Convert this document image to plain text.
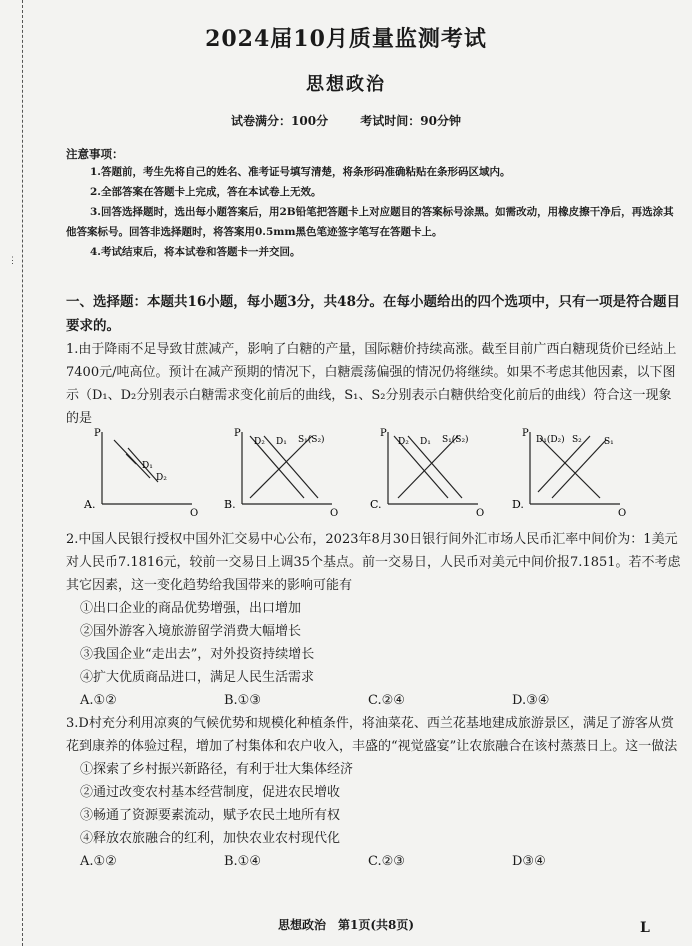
⋮
2024届10月质量监测考试
思想政治
试卷满分：100分	考试时间：90分钟
注意事项：

1.答题前，考生先将自己的姓名、准考证号填写清楚，将条形码准确粘贴在条形码区域内。

2.全部答案在答题卡上完成，答在本试卷上无效。

3.回答选择题时，选出每小题答案后，用2B铅笔把答题卡上对应题目的答案标号涂黑。如需改动，用橡皮擦干净后，再选涂其他答案标号。回答非选择题时，将答案用0.5mm黑色笔迹签字笔写在答题卡上。

4.考试结束后，将本试卷和答题卡一并交回。

一、选择题：本题共16小题，每小题3分，共48分。在每小题给出的四个选项中，只有一项是符合题目要求的。

1.由于降雨不足导致甘蔗减产，影响了白糖的产量，国际糖价持续高涨。截至目前广西白糖现货价已经站上7400元/吨高位。预计在减产预期的情况下，白糖震荡偏强的情况仍将继续。如果不考虑其他因素，以下图示（D₁、D₂分别表示白糖需求变化前后的曲线，S₁、S₂分别表示白糖供给变化前后的曲线）符合这一现象的是

P
Q
A.
D₁
D₂
P
Q
B.
D₂ D₁ S₁(S₂)
P
Q
C.
D₂ D₁ S₁(S₂)
P
Q
D.
D₁(D₂) S₂ S₁

2.中国人民银行授权中国外汇交易中心公布，2023年8月30日银行间外汇市场人民币汇率中间价为：1美元对人民币7.1816元，较前一交易日上调35个基点。前一交易日，人民币对美元中间价报7.1851。若不考虑其它因素，这一变化趋势给我国带来的影响可能有

①出口企业的商品优势增强，出口增加

②国外游客入境旅游留学消费大幅增长

③我国企业“走出去”，对外投资持续增长

④扩大优质商品进口，满足人民生活需求

A.①②	B.①③	C.②④	D.③④

3.D村充分利用凉爽的气候优势和规模化种植条件，将油菜花、西兰花基地建成旅游景区，满足了游客从赏花到康养的体验过程，增加了村集体和农户收入，丰盛的“视觉盛宴”让农旅融合在该村蒸蒸日上。这一做法

①探索了乡村振兴新路径，有利于壮大集体经济

②通过改变农村基本经营制度，促进农民增收

③畅通了资源要素流动，赋予农民土地所有权

④释放农旅融合的红利，加快农业农村现代化

A.①②	B.①④	C.②③	D③④
思想政治　第1页(共8页)	L
